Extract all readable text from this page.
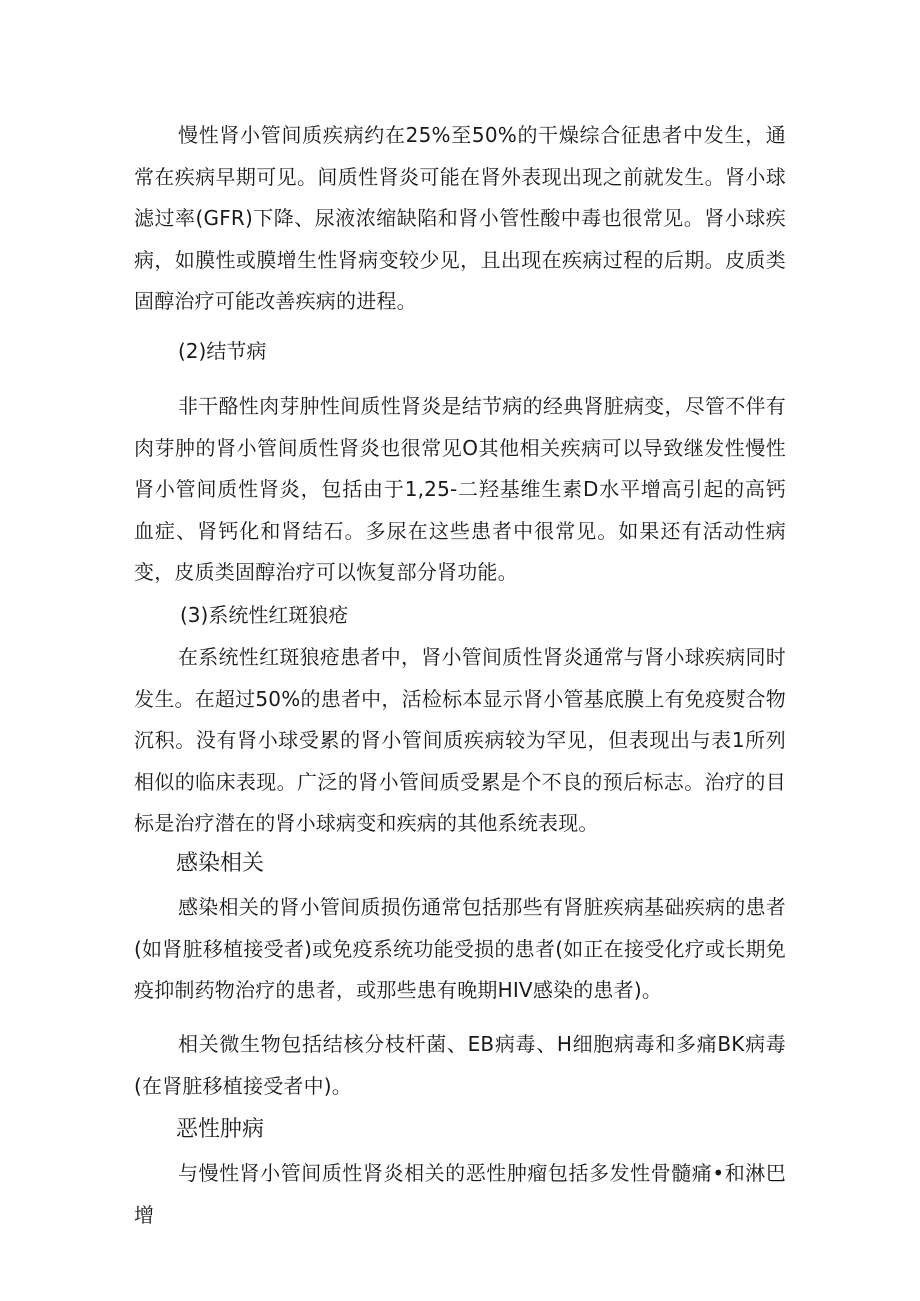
慢性肾小管间质疾病约在25%至50%的干燥综合征患者中发生，通常在疾病早期可见。间质性肾炎可能在肾外表现出现之前就发生。肾小球滤过率(GFR)下降、尿液浓缩缺陷和肾小管性酸中毒也很常见。肾小球疾病，如膜性或膜增生性肾病变较少见，且出现在疾病过程的后期。皮质类固醇治疗可能改善疾病的进程。

(2)结节病

非干酪性肉芽肿性间质性肾炎是结节病的经典肾脏病变，尽管不伴有肉芽肿的肾小管间质性肾炎也很常见O其他相关疾病可以导致继发性慢性肾小管间质性肾炎，包括由于1,25-二羟基维生素D水平增高引起的高钙血症、肾钙化和肾结石。多尿在这些患者中很常见。如果还有活动性病变，皮质类固醇治疗可以恢复部分肾功能。

(3)系统性红斑狼疮

在系统性红斑狼疮患者中，肾小管间质性肾炎通常与肾小球疾病同时发生。在超过50%的患者中，活检标本显示肾小管基底膜上有免疫熨合物沉积。没有肾小球受累的肾小管间质疾病较为罕见，但表现出与表1所列相似的临床表现。广泛的肾小管间质受累是个不良的预后标志。治疗的目标是治疗潜在的肾小球病变和疾病的其他系统表现。

感染相关

感染相关的肾小管间质损伤通常包括那些有肾脏疾病基础疾病的患者(如肾脏移植接受者)或免疫系统功能受损的患者(如正在接受化疗或长期免疫抑制药物治疗的患者，或那些患有晚期HIV感染的患者)。

相关微生物包括结核分枝杆菌、EB病毒、H细胞病毒和多痛BK病毒(在肾脏移植接受者中)。

恶性肿病

与慢性肾小管间质性肾炎相关的恶性肿瘤包括多发性骨髓痛•和淋巴增
